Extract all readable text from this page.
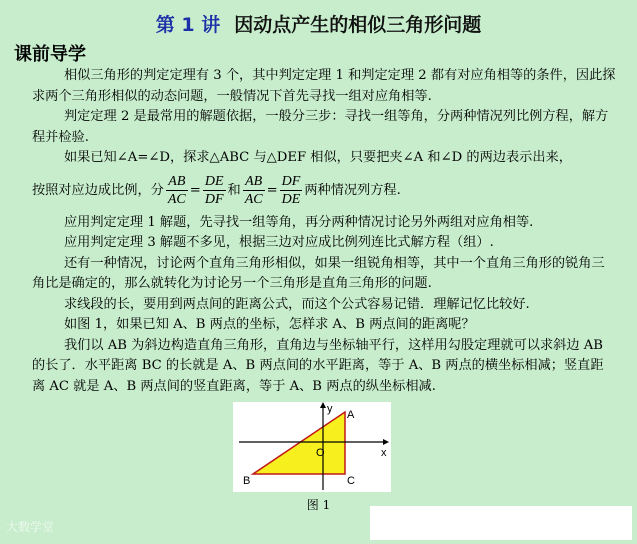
第 1 讲 因动点产生的相似三角形问题
课前导学

相似三角形的判定定理有 3 个，其中判定定理 1 和判定定理 2 都有对应角相等的条件，因此探求两个三角形相似的动态问题，一般情况下首先寻找一组对应角相等.

判定定理 2 是最常用的解题依据，一般分三步：寻找一组等角，分两种情况列比例方程，解方程并检验.

如果已知∠A=∠D，探求△ABC 与△DEF 相似，只要把夹∠A 和∠D 的两边表示出来，

按照对应边成比例，分 $\frac{AB}{AC} = \frac{DE}{DF}$ 和 $\frac{AB}{AC} = \frac{DF}{DE}$ 两种情况列方程.

应用判定定理 1 解题，先寻找一组等角，再分两种情况讨论另外两组对应角相等.

应用判定定理 3 解题不多见，根据三边对应成比例列连比式解方程（组）.

还有一种情况，讨论两个直角三角形相似，如果一组锐角相等，其中一个直角三角形的锐角三角比是确定的，那么就转化为讨论另一个三角形是直角三角形的问题.

求线段的长，要用到两点间的距离公式，而这个公式容易记错．理解记忆比较好.

如图 1，如果已知 A、B 两点的坐标，怎样求 A、B 两点间的距离呢？

我们以 AB 为斜边构造直角三角形，直角边与坐标轴平行，这样用勾股定理就可以求斜边 AB 的长了．水平距离 BC 的长就是 A、B 两点间的水平距离，等于 A、B 两点的横坐标相减；竖直距离 AC 就是 A、B 两点间的竖直距离，等于 A、B 两点的纵坐标相减.

y
x
A
B	C
O
图 1
大数学堂
